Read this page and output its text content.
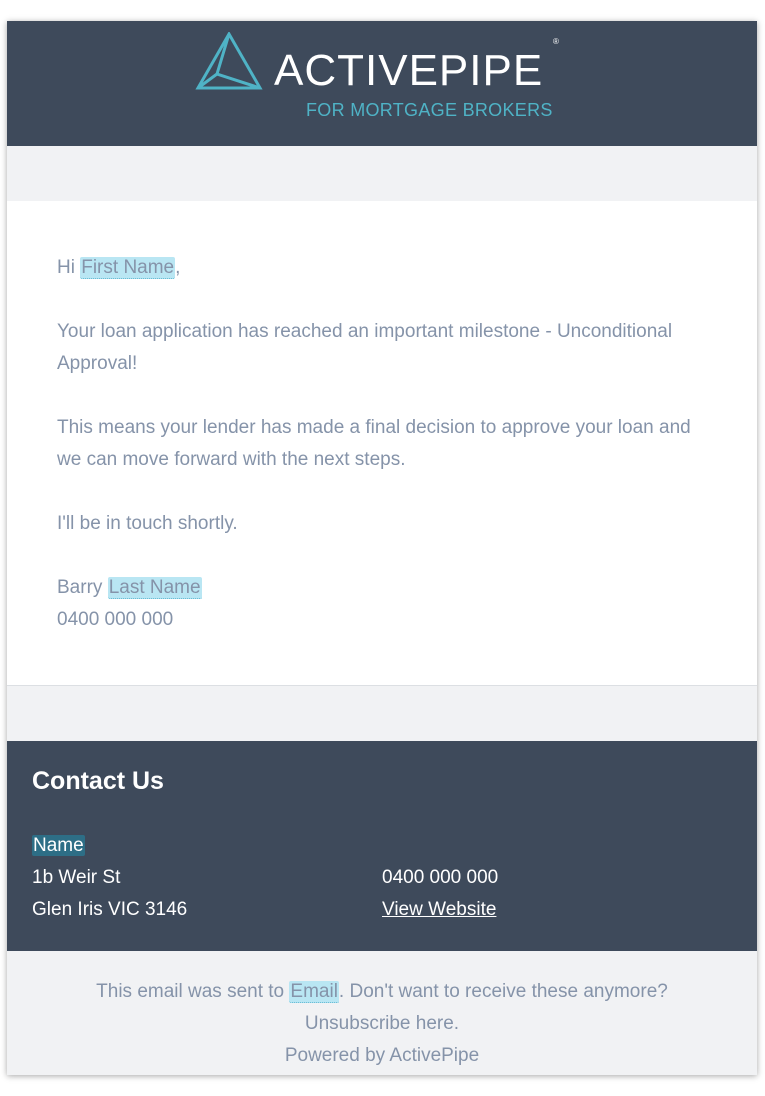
ACTIVEPIPE
®
FOR MORTGAGE BROKERS
Hi First Name,
Your loan application has reached an important milestone - Unconditional Approval!
This means your lender has made a final decision to approve your loan and we can move forward with the next steps.
I'll be in touch shortly.
Barry Last Name
0400 000 000
Contact Us
Name
1b Weir St
Glen Iris VIC 3146
0400 000 000
View Website
This email was sent to Email. Don't want to receive these anymore?
Unsubscribe here.
Powered by ActivePipe
